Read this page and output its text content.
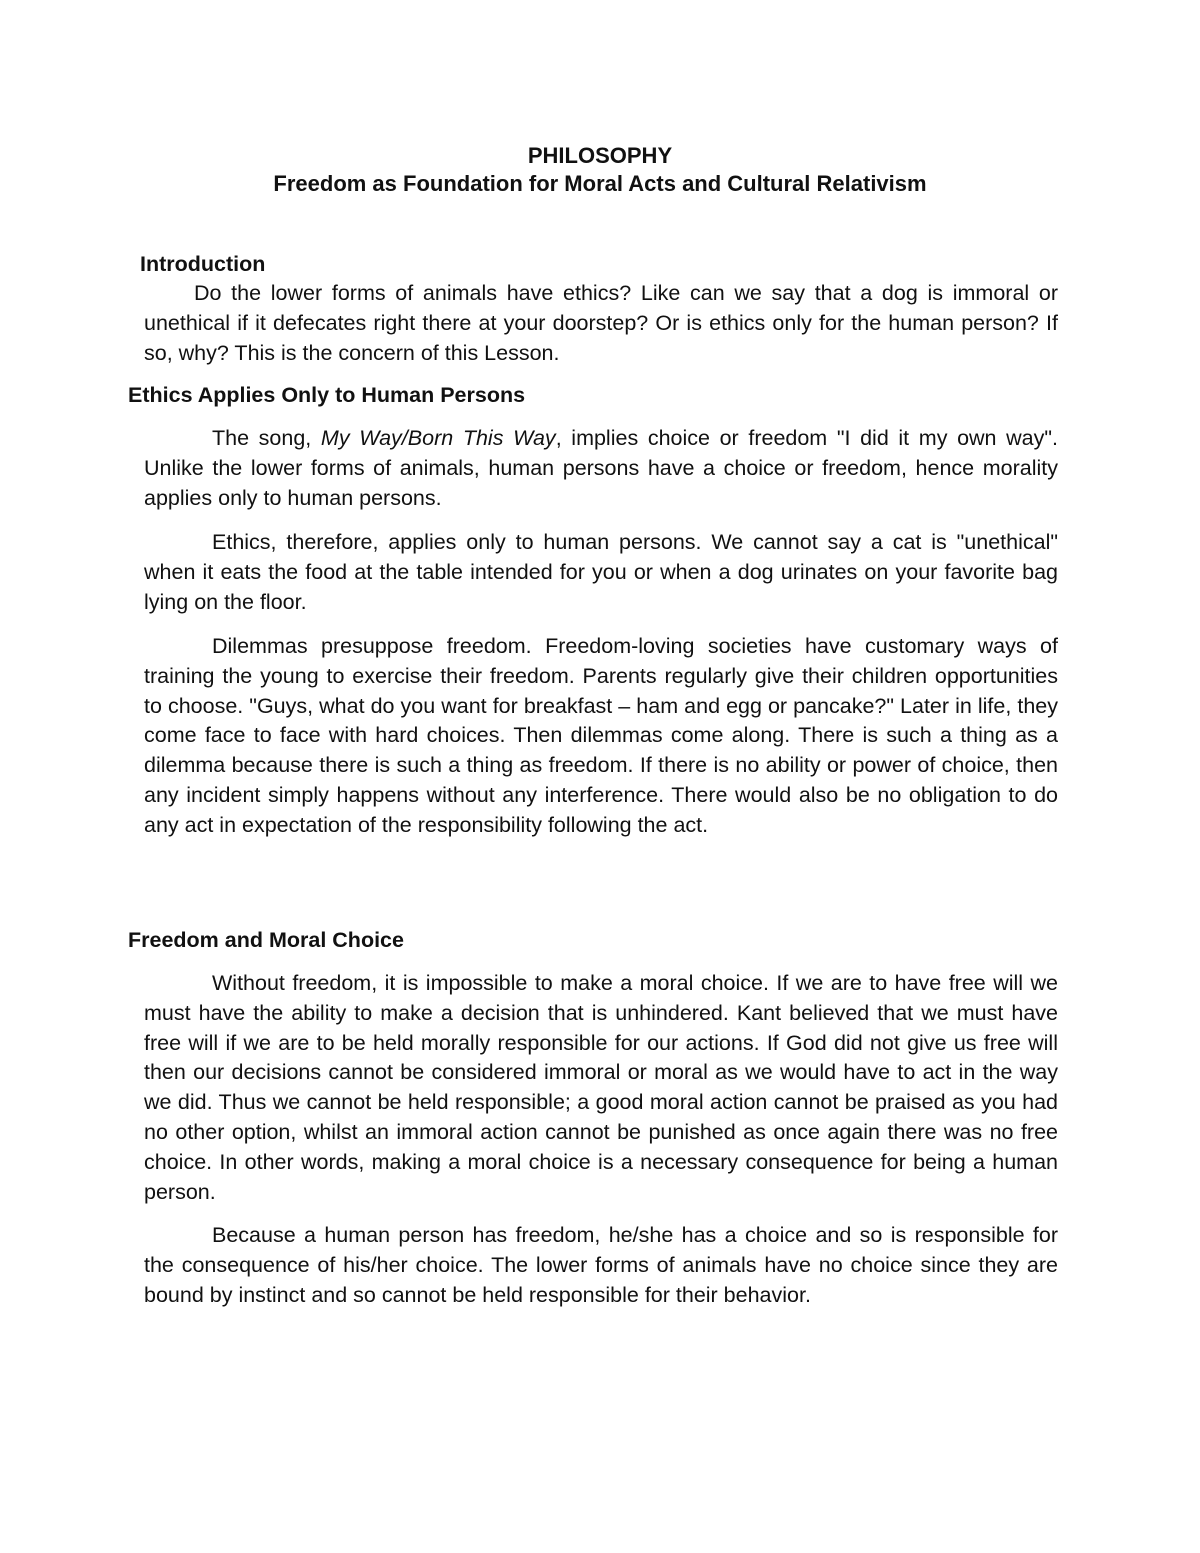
PHILOSOPHY
Freedom as Foundation for Moral Acts and Cultural Relativism
Introduction

Do the lower forms of animals have ethics? Like can we say that a dog is immoral or unethical if it defecates right there at your doorstep? Or is ethics only for the human person? If so, why? This is the concern of this Lesson.

Ethics Applies Only to Human Persons

The song, My Way/Born This Way, implies choice or freedom "I did it my own way". Unlike the lower forms of animals, human persons have a choice or freedom, hence morality applies only to human persons.

Ethics, therefore, applies only to human persons. We cannot say a cat is "unethical" when it eats the food at the table intended for you or when a dog urinates on your favorite bag lying on the floor.

Dilemmas presuppose freedom. Freedom-loving societies have customary ways of training the young to exercise their freedom. Parents regularly give their children opportunities to choose. "Guys, what do you want for breakfast – ham and egg or pancake?" Later in life, they come face to face with hard choices. Then dilemmas come along. There is such a thing as a dilemma because there is such a thing as freedom. If there is no ability or power of choice, then any incident simply happens without any interference. There would also be no obligation to do any act in expectation of the responsibility following the act.

Freedom and Moral Choice

Without freedom, it is impossible to make a moral choice. If we are to have free will we must have the ability to make a decision that is unhindered. Kant believed that we must have free will if we are to be held morally responsible for our actions. If God did not give us free will then our decisions cannot be considered immoral or moral as we would have to act in the way we did. Thus we cannot be held responsible; a good moral action cannot be praised as you had no other option, whilst an immoral action cannot be punished as once again there was no free choice. In other words, making a moral choice is a necessary consequence for being a human person.

Because a human person has freedom, he/she has a choice and so is responsible for the consequence of his/her choice. The lower forms of animals have no choice since they are bound by instinct and so cannot be held responsible for their behavior.
